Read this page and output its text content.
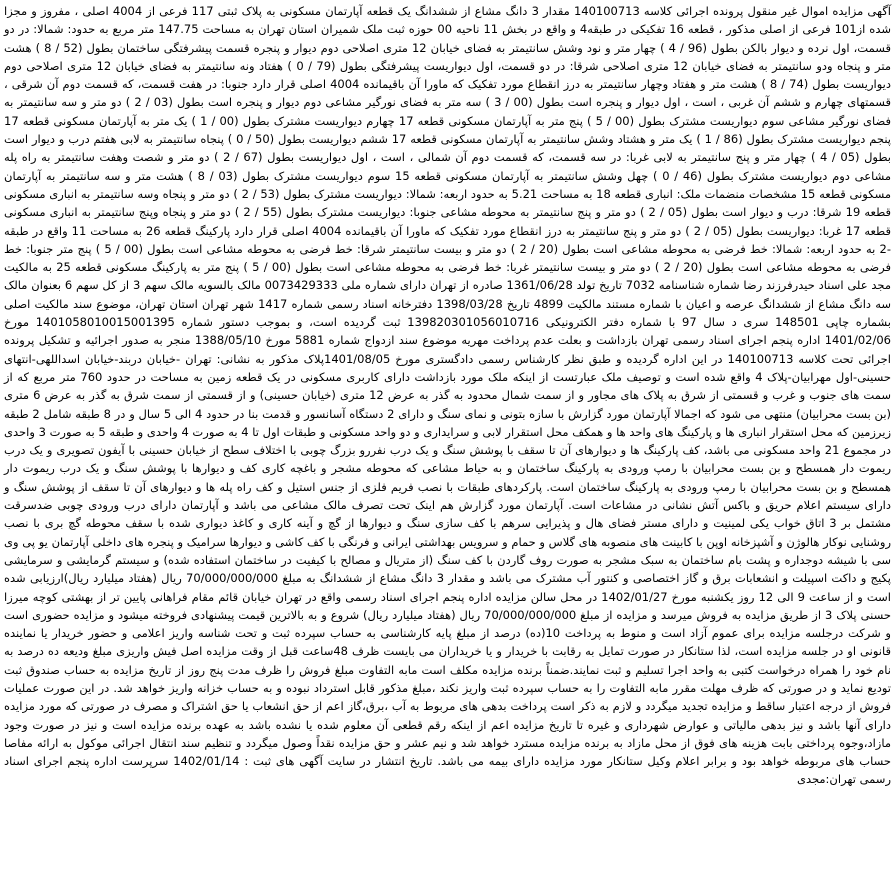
آگهی مزایده اموال غیر منقول پرونده اجرائی کلاسه 140100713 مقدار 3 دانگ مشاع از ششدانگ یک قطعه آپارتمان مسکونی به پلاک ثبتی 117 فرعی از 4004 اصلی ، مفروز و مجزا شده از101 فرعی از اصلی مذکور ، قطعه 16 تفکیکی در طبقه4 و واقع در بخش 11 ناحیه 00 حوزه ثبت ملک شمیران استان تهران به مساحت 147.75 متر مربع به حدود: شمالا: در دو قسمت، اول نرده و دیوار بالکن بطول (96 / 4 ) چهار متر و نود وشش سانتیمتر به فضای خیابان 12 متری اصلاحی دوم دیوار و پنجره قسمت پیشرفتگی ساختمان بطول (52 / 8 ) هشت متر و پنجاه ودو سانتیمتر به فضای خیابان 12 متری اصلاحی شرقا: در دو قسمت، اول دیواریست پیشرفتگی بطول (79 / 0 ) هفتاد ونه سانتیمتر به فضای خیابان 12 متری اصلاحی دوم دیواریست بطول (74 / 8 ) هشت متر و هفتاد وچهار سانتیمتر به درز انقطاع مورد تفکیک که ماورا آن باقیمانده 4004 اصلی قرار دارد جنوبا: در هفت قسمت، که قسمت دوم آن شرقی ، قسمتهای چهارم و ششم آن غربی ، است ، اول دیوار و پنجره است بطول (00 / 3 ) سه متر به فضای نورگیر مشاعی دوم دیوار و پنجره است بطول (03 / 2 ) دو متر و سه سانتیمتر به فضای نورگیر مشاعی سوم دیواریست مشترک بطول (00 / 5 ) پنج متر به آپارتمان مسکونی قطعه 17 چهارم دیواریست مشترک بطول (00 / 1 ) یک متر به آپارتمان مسکونی قطعه 17 پنجم دیواریست مشترک بطول (86 / 1 ) یک متر و هشتاد وشش سانتیمتر به آپارتمان مسکونی قطعه 17 ششم دیواریست بطول (50 / 0 ) پنجاه سانتیمتر به لابی هفتم درب و دیوار است بطول (05 / 4 ) چهار متر و پنج سانتیمتر به لابی غربا: در سه قسمت، که قسمت دوم آن شمالی ، است ، اول دیواریست بطول (67 / 2 ) دو متر و شصت وهفت سانتیمتر به راه پله مشاعی دوم دیواریست مشترک بطول (46 / 0 ) چهل وشش سانتیمتر به آپارتمان مسکونی قطعه 15 سوم دیواریست مشترک بطول (03 / 8 ) هشت متر و سه سانتیمتر به آپارتمان مسکونی قطعه 15 مشخصات منضمات ملک: انباری قطعه 18 به مساحت 5.21 به حدود اربعه: شمالا: دیواریست مشترک بطول (53 / 2 ) دو متر و پنجاه وسه سانتیمتر به انباری مسکونی قطعه 19 شرقا: درب و دیوار است بطول (05 / 2 ) دو متر و پنج سانتیمتر به محوطه مشاعی جنوبا: دیواریست مشترک بطول (55 / 2 ) دو متر و پنجاه وپنج سانتیمتر به انباری مسکونی قطعه 17 غربا: دیواریست بطول (05 / 2 ) دو متر و پنج سانتیمتر به درز انقطاع مورد تفکیک که ماورا آن باقیمانده 4004 اصلی قرار دارد پارکینگ قطعه 26 به مساحت 11 واقع در طبقه -2 به حدود اربعه: شمالا: خط فرضی به محوطه مشاعی است بطول (20 / 2 ) دو متر و بیست سانتیمتر شرقا: خط فرضی به محوطه مشاعی است بطول (00 / 5 ) پنج متر جنوبا: خط فرضی به محوطه مشاعی است بطول (20 / 2 ) دو متر و بیست سانتیمتر غربا: خط فرضی به محوطه مشاعی است بطول (00 / 5 ) پنج متر به پارکینگ مسکونی قطعه 25 به مالکیت مجد علی اسناد حیدرفرزند رضا شماره شناسنامه 7032 تاریخ تولد 1361/06/28 صادره از تهران دارای شماره ملی 0073429333 مالک بالسویه مالک سهم 3 از کل سهم 6 بعنوان مالک سه دانگ مشاع از ششدانگ عرصه و اعیان با شماره مستند مالکیت 4899 تاریخ 1398/03/28 دفترخانه اسناد رسمی شماره 1417 شهر تهران استان تهران، موضوع سند مالکیت اصلی بشماره چاپی 148501 سری د سال 97 با شماره دفتر الکترونیکی 139820301056010716 ثبت گردیده است، و بموجب دستور شماره 1401058010015001395 مورخ 1401/02/06 اداره پنجم اجرای اسناد رسمی تهران بازداشت و بعلت عدم پرداخت مهریه موضوع سند ازدواج شماره 5881 مورخ 1388/05/10 منجر به صدور اجرائیه و تشکیل پرونده اجرائی تحت کلاسه 140100713 در این اداره گردیده و طبق نظر کارشناس رسمی دادگستری مورخ 1401/08/05پلاک مذکور به نشانی: تهران -خیابان دربند-خیابان اسداللهی-انتهای حسینی-اول مهرابیان-پلاک 4 واقع شده است و توصیف ملک عبارتست از اینکه ملک مورد بازداشت دارای کاربری مسکونی در یک قطعه زمین به مساحت در حدود 760 متر مربع که از سمت های جنوب و غرب و قسمتی از شرق به پلاک های مجاور و از سمت شمال محدود به گذر به عرض 12 متری (خیابان حسینی) و از قسمتی از سمت شرق به گذر به عرض 6 متری (بن بست محرابیان) منتهی می شود که اجمالا آپارتمان مورد گزارش با سازه بتونی و نمای سنگ و دارای 2 دستگاه آسانسور و قدمت بنا در حدود 4 الی 5 سال و در 8 طبقه شامل 2 طبقه زیرزمین که محل استقرار انباری ها و پارکینگ های واحد ها و همکف محل استقرار لابی و سرایداری و دو واحد مسکونی و طبقات اول تا 4 به صورت 4 واحدی و طبقه 5 به صورت 3 واحدی در مجموع 21 واحد مسکونی می باشد، کف پارکینگ ها و دیوارهای آن تا سقف با پوشش سنگ و یک درب نفررو بزرگ چوبی با اختلاف سطح از خیابان حسینی با آیفون تصویری و یک درب ریموت دار همسطح و بن بست محرابیان با رمپ ورودی به پارکینگ ساختمان و به حیاط مشاعی که محوطه مشجر و باغچه کاری کف و دیوارها با پوشش سنگ و یک درب ریموت دار همسطح و بن بست محرابیان با رمپ ورودی به پارکینگ ساختمان است. پارکردهای طبقات با نصب فریم فلزی از جنس استیل و کف راه پله ها و دیوارهای آن تا سقف از پوشش سنگ و دارای سیستم اعلام حریق و باکس آتش نشانی در مشاعات است. آپارتمان مورد گزارش هم اینک تحت تصرف مالک مشاعی می باشد و آپارتمان دارای درب ورودی چوبی ضدسرقت مشتمل بر 3 اتاق خواب یکی لمینیت و دارای مستر فضای هال و پذیرایی سرهم با کف سازی سنگ و دیوارها از گچ و آینه کاری و کاغذ دیواری شده با سقف محوطه گچ بری با نصب روشنایی نوکار هالوژن و آشپزخانه اوپن با کابینت های منصوبه های گلاس و حمام و سرویس بهداشتی ایرانی و فرنگی با کف کاشی و دیوارها سرامیک و پنجره های داخلی آپارتمان یو پی وی سی با شیشه دوجداره و پشت بام ساختمان به سبک مشجر به صورت روف گاردن با کف سنگ (از متریال و مصالح با کیفیت در ساختمان استفاده شده) و سیستم گرمایشی و سرمایشی پکیج و داکت اسپیلت و انشعابات برق و گاز اختصاصی و کنتور آب مشترک می باشد و مقدار 3 دانگ مشاع از ششدانگ به مبلغ 70/000/000/000 ریال (هفتاد میلیارد ریال)ارزیابی شده است و از ساعت 9 الی 12 روز یکشنبه مورخ 1402/01/27 در محل سالن مزایده اداره پنجم اجرای اسناد رسمی واقع در تهران خیابان قائم مقام فراهانی پایین تر از بهشتی کوچه میرزا حسنی پلاک 3 از طریق مزایده به فروش میرسد و مزایده از مبلغ 70/000/000/000 ریال (هفتاد میلیارد ریال) شروع و به بالاترین قیمت پیشنهادی فروخته میشود و مزایده حضوری است و شرکت درجلسه مزایده برای عموم آزاد است و منوط به پرداخت 10(ده) درصد از مبلغ پایه کارشناسی به حساب سپرده ثبت و تحت شناسه واریز اعلامی و حضور خریدار یا نماینده قانونی او در جلسه مزایده است، لذا ستانکار در صورت تمایل به رقابت با خریدار و یا خریداران می بایست ظرف 48ساعت قبل از وقت مزایده اصل فیش واریزی مبلغ ودیعه ده درصد به نام خود را همراه درخواست کتبی به واحد اجرا تسلیم و ثبت نمایند.ضمناً برنده مزایده مکلف است مابه التفاوت مبلغ فروش را ظرف مدت پنج روز از تاریخ مزایده به حساب صندوق ثبت تودیع نماید و در صورتی که ظرف مهلت مقرر مابه التفاوت را به حساب سپرده ثبت واریز نکند ،مبلغ مذکور قابل استرداد نبوده و به حساب خزانه واریز خواهد شد. در این صورت عملیات فروش از درجه اعتبار ساقط و مزایده تجدید میگردد و لازم به ذکر است پرداخت بدهی های مربوط به آب ،برق،گاز اعم از حق انشعاب یا حق اشتراک و مصرف در صورتی که مورد مزایده دارای آنها باشد و نیز بدهی مالیاتی و عوارض شهرداری و غیره تا تاریخ مزایده اعم از اینکه رقم قطعی آن معلوم شده یا نشده باشد به عهده برنده مزایده است و نیز در صورت وجود مازاد،وجوه پرداختی بابت هزینه های فوق از محل مازاد به برنده مزایده مسترد خواهد شد و نیم عشر و حق مزایده نقداً وصول میگردد و تنظیم سند انتقال اجرائی موکول به ارائه مفاصا حساب های مربوطه خواهد بود و برابر اعلام وکیل ستانکار مورد مزایده دارای بیمه می باشد. تاریخ انتشار در سایت آگهی های ثبت : 1402/01/14 سرپرست اداره پنجم اجرای اسناد رسمی تهران:مجدی
